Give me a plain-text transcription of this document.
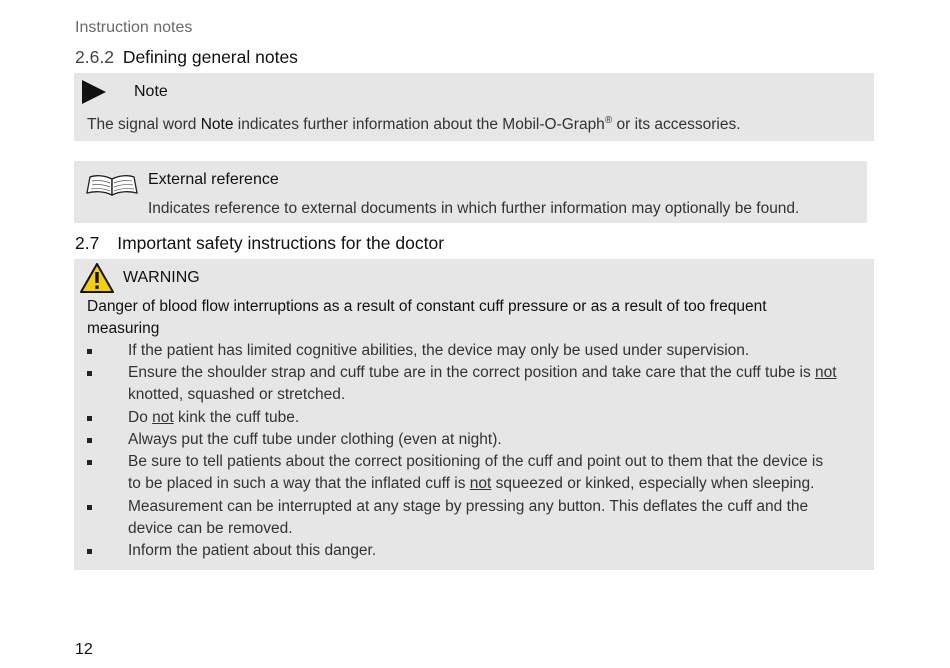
Instruction notes
2.6.2 Defining general notes
Note
The signal word Note indicates further information about the Mobil-O-Graph® or its accessories.
External reference
Indicates reference to external documents in which further information may optionally be found.
2.7 Important safety instructions for the doctor
WARNING
Danger of blood flow interruptions as a result of constant cuff pressure or as a result of too frequent
measuring
If the patient has limited cognitive abilities, the device may only be used under supervision.
Ensure the shoulder strap and cuff tube are in the correct position and take care that the cuff tube is not
knotted, squashed or stretched.
Do not kink the cuff tube.
Always put the cuff tube under clothing (even at night).
Be sure to tell patients about the correct positioning of the cuff and point out to them that the device is
to be placed in such a way that the inflated cuff is not squeezed or kinked, especially when sleeping.
Measurement can be interrupted at any stage by pressing any button. This deflates the cuff and the
device can be removed.
Inform the patient about this danger.
12
